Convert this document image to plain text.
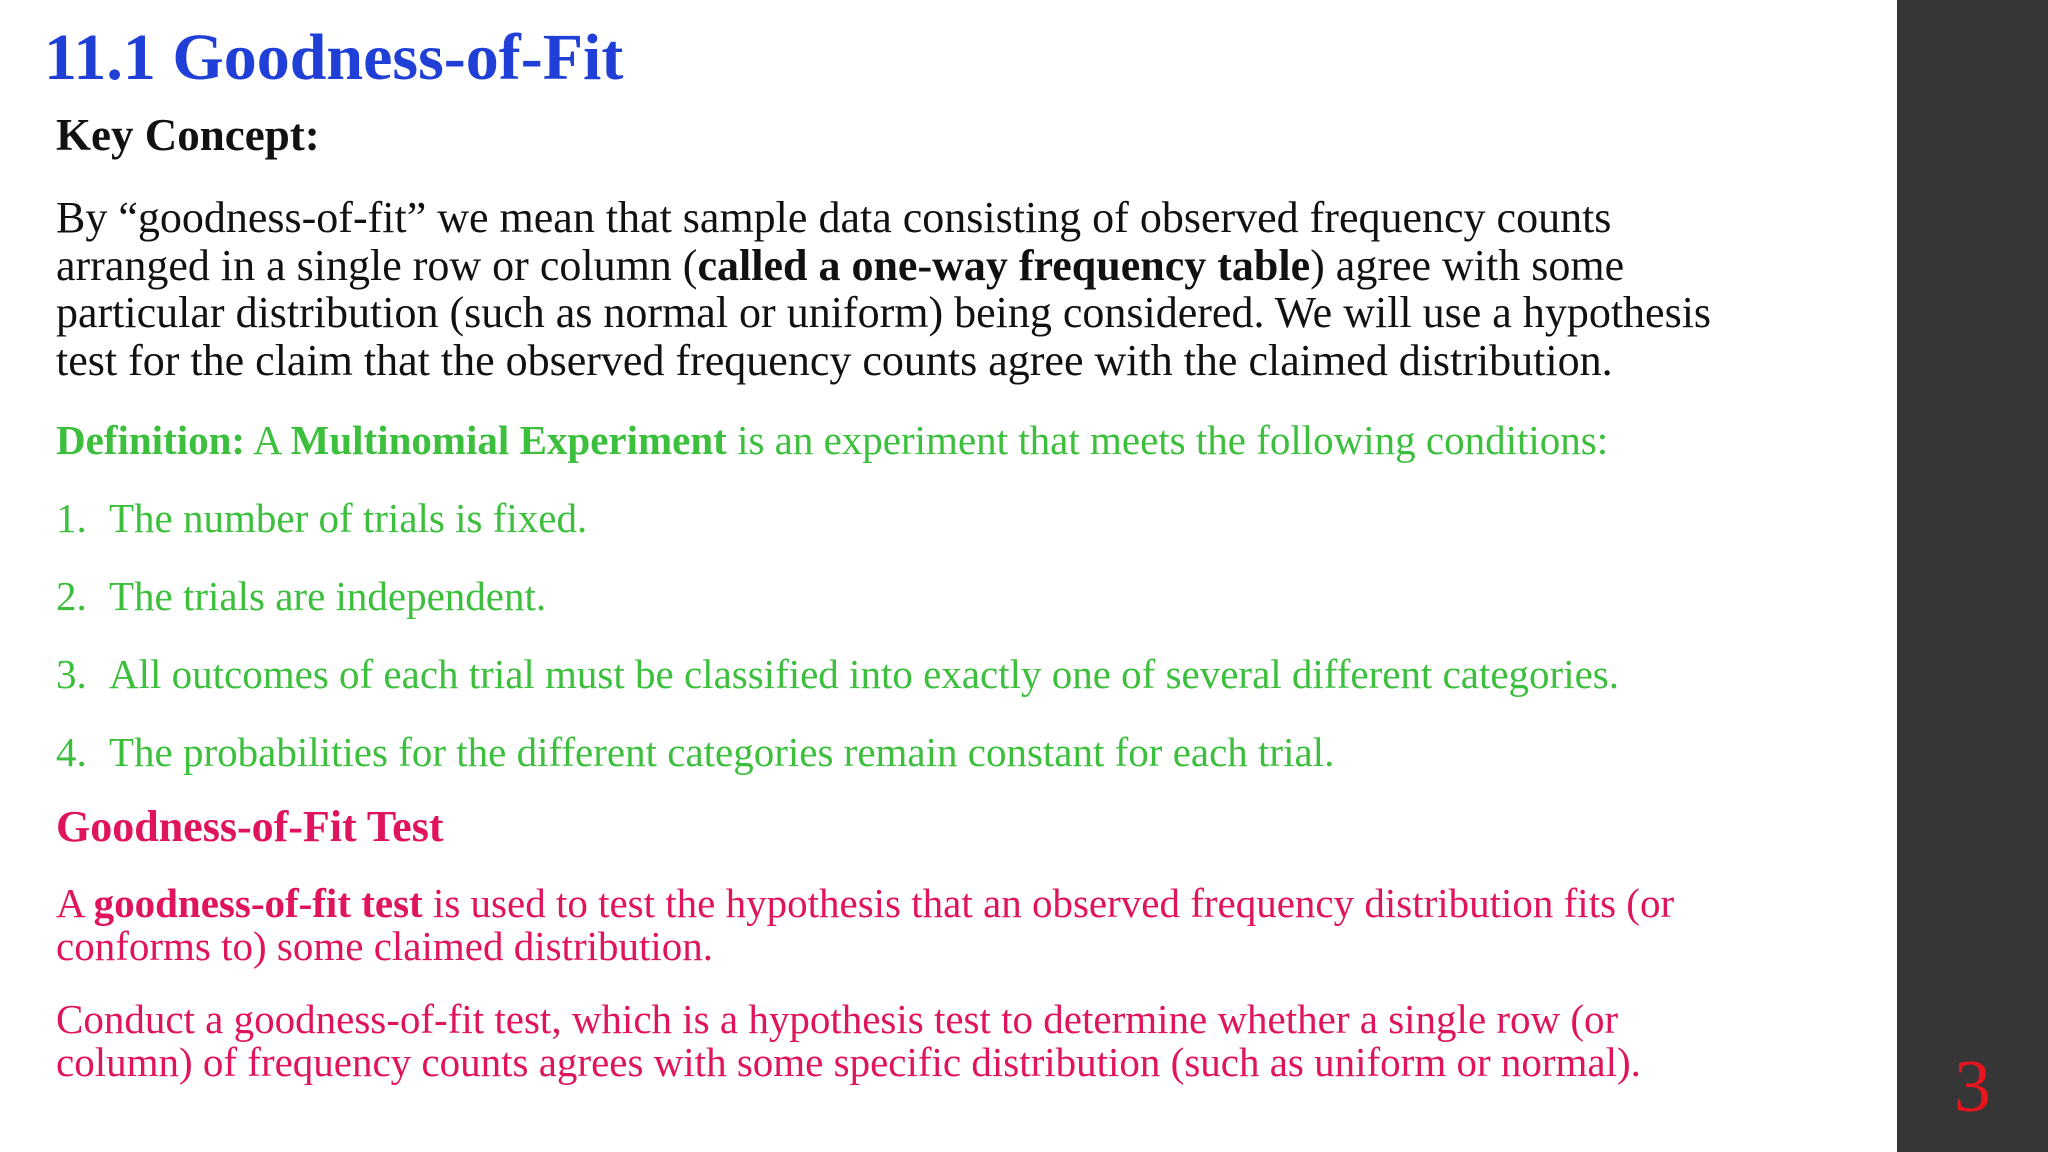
11.1 Goodness-of-Fit
Key Concept:

By “goodness-of-fit” we mean that sample data consisting of observed frequency counts
arranged in a single row or column (called a one-way frequency table) agree with some
particular distribution (such as normal or uniform) being considered. We will use a hypothesis
test for the claim that the observed frequency counts agree with the claimed distribution.

Definition: A Multinomial Experiment is an experiment that meets the following conditions:

1. The number of trials is fixed.

2. The trials are independent.

3. All outcomes of each trial must be classified into exactly one of several different categories.

4. The probabilities for the different categories remain constant for each trial.

Goodness-of-Fit Test

A goodness-of-fit test is used to test the hypothesis that an observed frequency distribution fits (or
conforms to) some claimed distribution.

Conduct a goodness-of-fit test, which is a hypothesis test to determine whether a single row (or
column) of frequency counts agrees with some specific distribution (such as uniform or normal).	3
